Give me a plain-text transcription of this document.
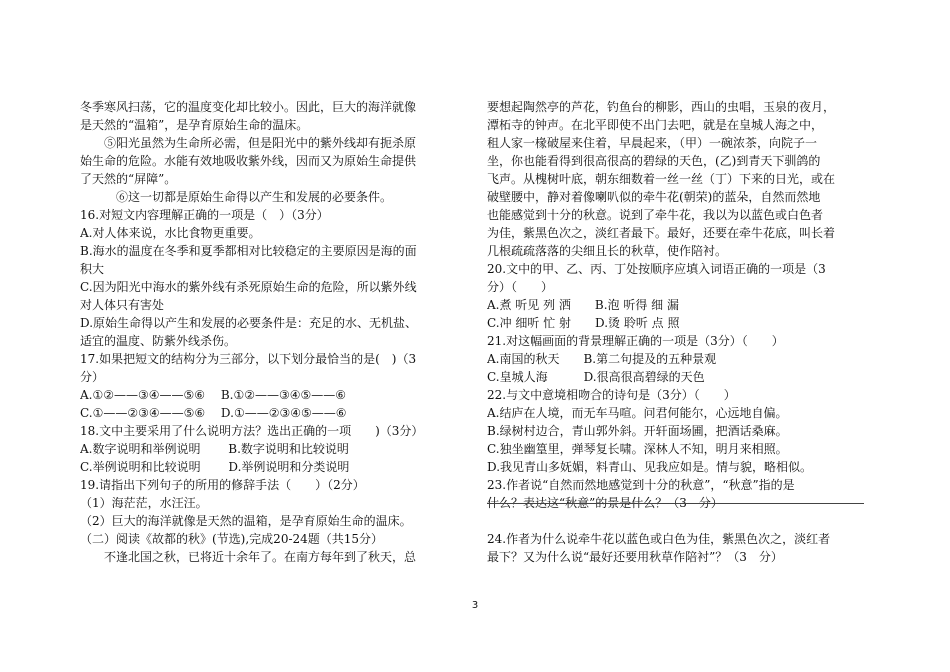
冬季寒风扫荡，它的温度变化却比较小。因此，巨大的海洋就像
是天然的“温箱”，是孕育原始生命的温床。
⑤阳光虽然为生命所必需，但是阳光中的紫外线却有扼杀原
始生命的危险。水能有效地吸收紫外线，因而又为原始生命提供
了天然的“屏障”。
⑥这一切都是原始生命得以产生和发展的必要条件。
16.对短文内容理解正确的一项是（　）（3分）
A.对人体来说，水比食物更重要。
B.海水的温度在冬季和夏季都相对比较稳定的主要原因是海的面
积大
C.因为阳光中海水的紫外线有杀死原始生命的危险，所以紫外线
对人体只有害处
D.原始生命得以产生和发展的必要条件是：充足的水、无机盐、
适宜的温度、防紫外线杀伤。
17.如果把短文的结构分为三部分，以下划分最恰当的是(　)（3
分）
A.①②——③④——⑤⑥　 B.①②——③④⑤——⑥
C.①——②③④——⑤⑥　 D.①——②③④⑤——⑥
18.文中主要采用了什么说明方法？选出正确的一项　　)（3分）
A.数字说明和举例说明　　 B.数字说明和比较说明
C.举例说明和比较说明　　 D.举例说明和分类说明
19.请指出下列句子的所用的修辞手法（　　）（2分）
（1）海茫茫，水汪汪。
（2）巨大的海洋就像是天然的温箱，是孕育原始生命的温床。
（二）阅读《故都的秋》(节选),完成20-24题（共15分）
不逢北国之秋，已将近十余年了。在南方每年到了秋天，总
要想起陶然亭的芦花，钓鱼台的柳影，西山的虫唱，玉泉的夜月，
潭柘寺的钟声。在北平即使不出门去吧，就是在皇城人海之中，
租人家一椽破屋来住着，早晨起来，（甲）一碗浓茶，向院子一
坐，你也能看得到很高很高的碧绿的天色，(乙)到青天下驯鸽的
飞声。从槐树叶底，朝东细数着一丝一丝（丁）下来的日光，或在
破壁腰中，静对着像喇叭似的牵牛花(朝荣)的蓝朵，自然而然地
也能感觉到十分的秋意。说到了牵牛花，我以为以蓝色或白色者
为佳，紫黑色次之，淡红者最下。最好，还要在牵牛花底，叫长着
几根疏疏落落的尖细且长的秋草，使作陪衬。
20.文中的甲、乙、丙、丁处按顺序应填入词语正确的一项是（3
分）（　　）
A.煮 听见 列 洒　　B.泡 听得 细 漏
C.冲 细听 忙 射　　D.烫 聆听 点 照
21.对这幅画面的背景理解正确的一项是（3分）（　　）
A.南国的秋天　　B.第二句提及的五种景观
C.皇城人海　　　D.很高很高碧绿的天色
22.与文中意境相吻合的诗句是（3分）（　　）
A.结庐在人境，而无车马喧。问君何能尔，心远地自偏。
B.绿树村边合，青山郭外斜。开轩面场圃，把酒话桑麻。
C.独坐幽篁里，弹琴复长啸。深林人不知，明月来相照。
D.我见青山多妩媚，料青山、见我应如是。情与貌，略相似。
23.作者说“自然而然地感觉到十分的秋意”，“秋意”指的是
什么？表达这“秋意”的景是什么？（3　分）
24.作者为什么说牵牛花以蓝色或白色为佳，紫黑色次之，淡红者
最下？又为什么说“最好还要用秋草作陪衬”？（3　分）
3
